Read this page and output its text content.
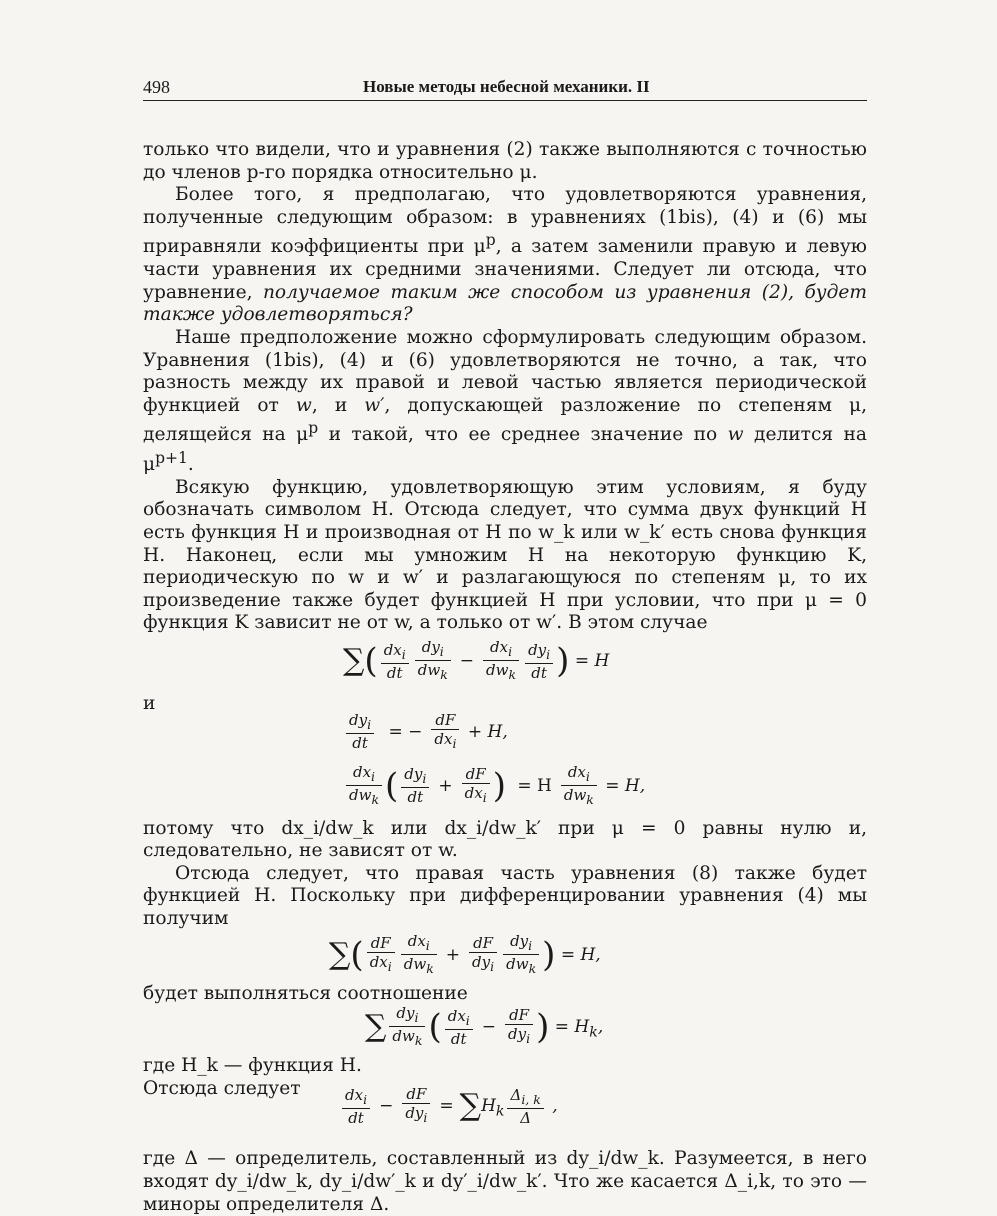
498	Новые методы небесной механики. II

только что видели, что и уравнения (2) также выполняются с точностью до членов p-го порядка относительно μ.

Более того, я предполагаю, что удовлетворяются уравнения, полученные следующим образом: в уравнениях (1bis), (4) и (6) мы приравняли коэффициенты при $\mu^p$, а затем заменили правую и левую части уравнения их средними значениями. Следует ли отсюда, что уравнение, получаемое таким же способом из уравнения (2), будет также удовлетворяться?

Наше предположение можно сформулировать следующим образом. Уравнения (1bis), (4) и (6) удовлетворяются не точно, а так, что разность между их правой и левой частью является периодической функцией от w, и w′, допускающей разложение по степеням μ, делящейся на $\mu^p$ и такой, что ее среднее значение по w делится на $\mu^{p+1}$.

Всякую функцию, удовлетворяющую этим условиям, я буду обозначать символом H. Отсюда следует, что сумма двух функций H есть функция H и производная от H по w_k или w_k′ есть снова функция H. Наконец, если мы умножим H на некоторую функцию K, периодическую по w и w′ и разлагающуюся по степеням μ, то их произведение также будет функцией H при условии, что при μ = 0 функция K зависит не от w, а только от w′. В этом случае

∑( $\frac{dx_i}{dt} \frac{dy_i}{dw_k} - \frac{dx_i}{dw_k} \frac{dy_i}{dt}$ ) = H

и

$\frac{dy_i}{dt}$ = − $\frac{dF}{dx_i} + H$,
$\frac{dx_i}{dw_k}$ ( $\frac{dy_i}{dt} + \frac{dF}{dx_i}$ ) = H $\frac{dx_i}{dw_k} = H$,

потому что dx_i/dw_k или dx_i/dw_k′ при μ = 0 равны нулю и, следовательно, не зависят от w.

Отсюда следует, что правая часть уравнения (8) также будет функцией H. Поскольку при дифференцировании уравнения (4) мы получим

∑( $\frac{dF}{dx_i} \frac{dx_i}{dw_k} + \frac{dF}{dy_i} \frac{dy_i}{dw_k}$ ) = H,

будет выполняться соотношение

∑ $\frac{dy_i}{dw_k}$ ( $\frac{dx_i}{dt} - \frac{dF}{dy_i}$ ) = $H_k$,

где H_k — функция H.

Отсюда следует	$\frac{dx_i}{dt} - \frac{dF}{dy_i} = \sum H_k \frac{\Delta_{i, k}}{\Delta}$ ,

где Δ — определитель, составленный из dy_i/dw_k. Разумеется, в него входят dy_i/dw_k, dy_i/dw′_k и dy′_i/dw_k′. Что же касается Δ_i,k, то это — миноры определителя Δ.
